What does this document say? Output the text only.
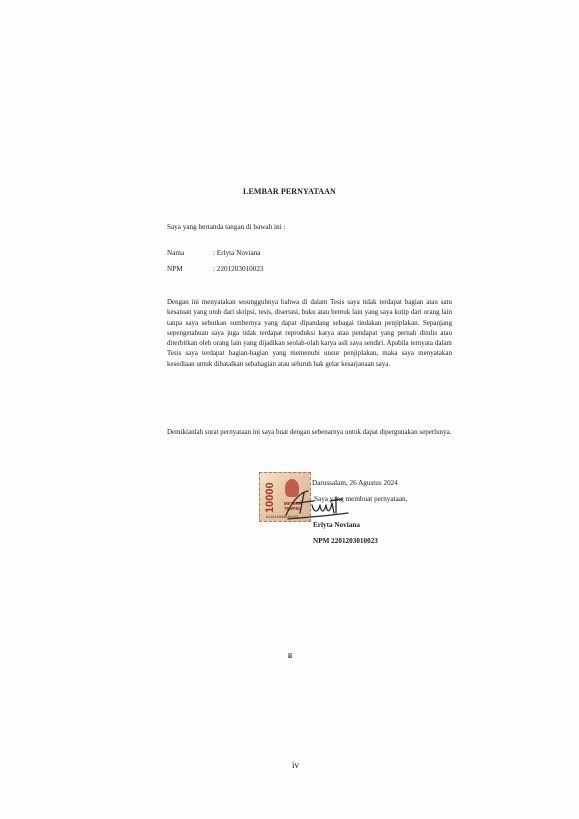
LEMBAR PERNYATAAN
Saya yang bertanda tangan di bawah ini :
Nama	: Erlyta Noviana
NPM	: 2201203010023
Dengan ini menyatakan sesungguhnya bahwa di dalam Tesis saya tidak terdapat bagian atau satu kesatuan yang utuh dari skripsi, tesis, disertasi, buku atau bentuk lain yang saya kutip dari orang lain tanpa saya sebutkan sumbernya yang dapat dipandang sebagai tindakan penjiplakan. Sepanjang sepengetahuan saya juga tidak terdapat reproduksi karya atau pendapat yang pernah ditulis atau diterbitkan oleh orang lain yang dijadikan seolah-olah karya asli saya sendiri. Apabila ternyata dalam Tesis saya terdapat bagian-bagian yang memenuhi unsur penjiplakan, maka saya menyatakan kesediaan untuk dibatalkan sebahagian atau seluruh hak gelar kesarjanaan saya.
Demikianlah surat pernyataan ini saya buat dengan sebenarnya untuk dapat dipergunakan seperlunya.
Darussalam, 26 Agustus 2024
Saya yang membuat pernyataan,
10000 METERAI
TEMPEL
912ALX838984159
Erlyta Noviana
NPM 2201203010023
ii
iv
